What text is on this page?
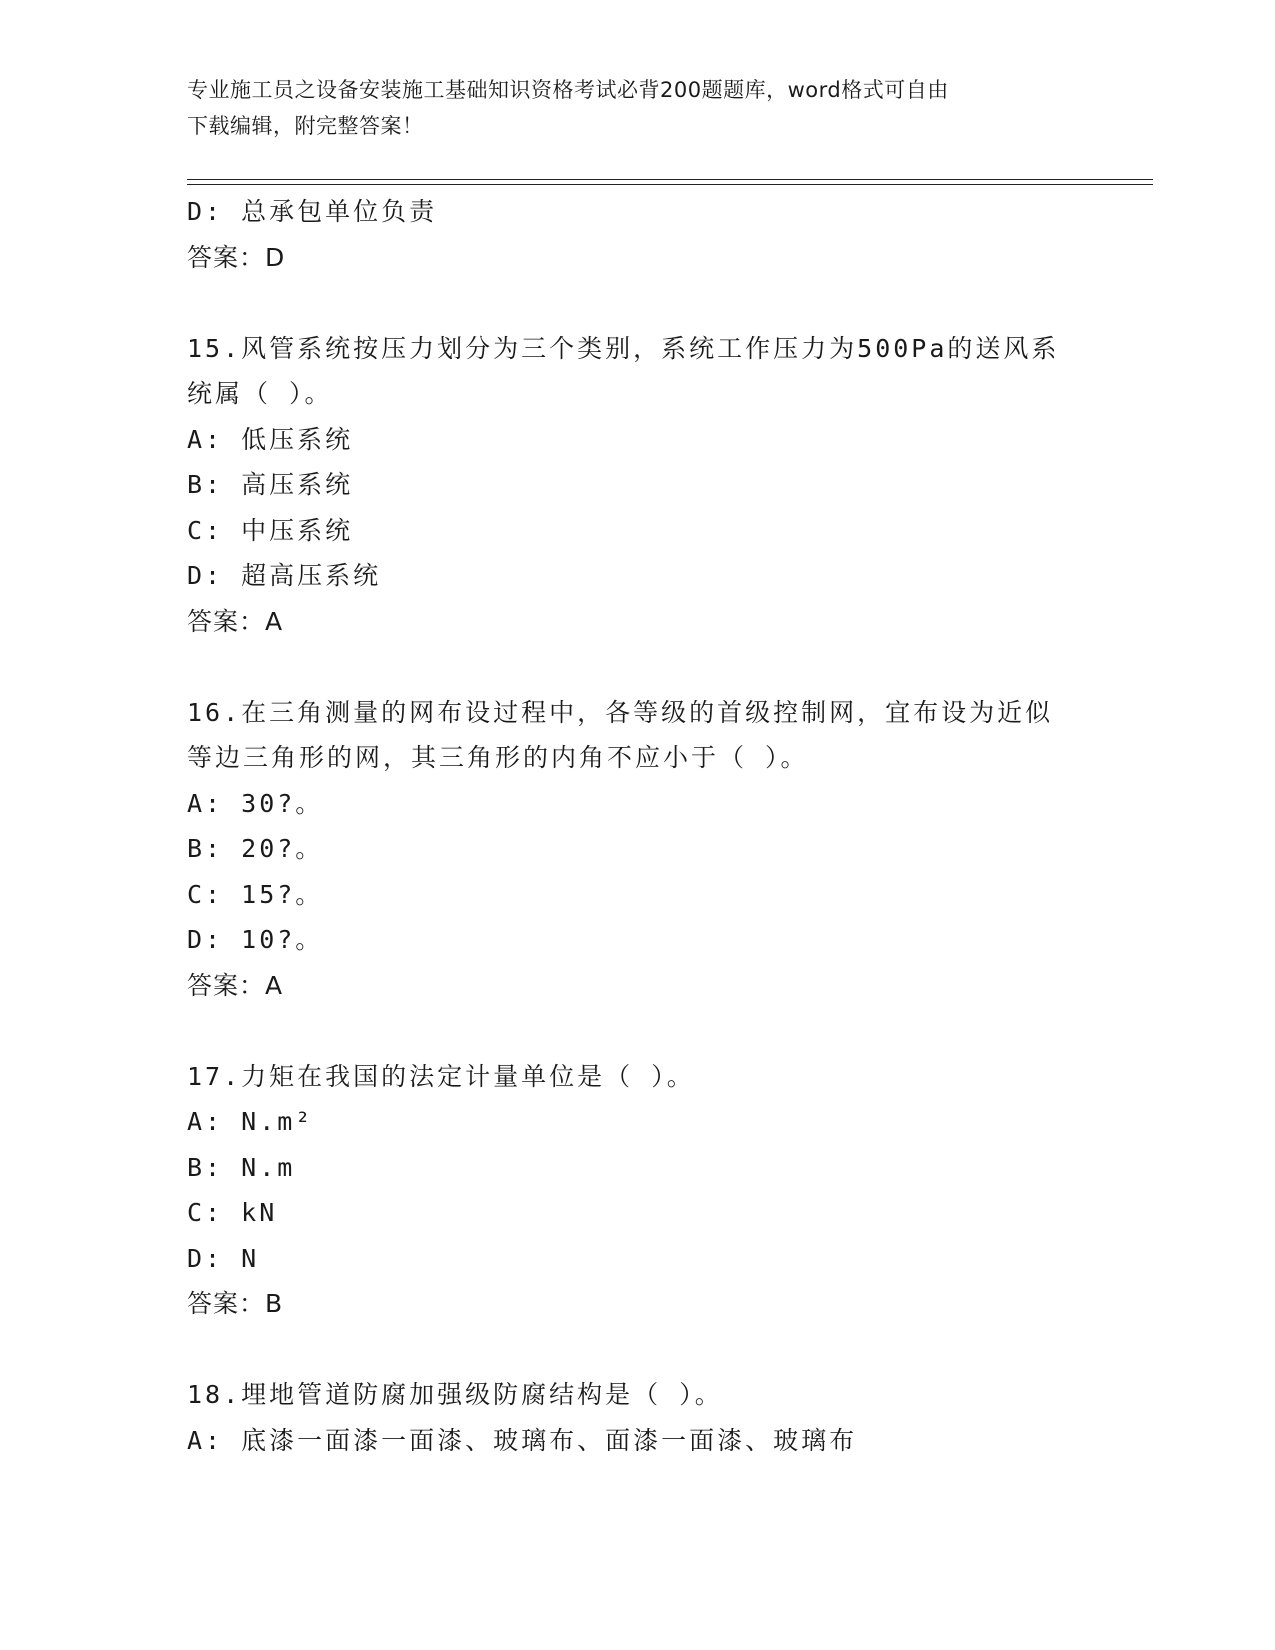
专业施工员之设备安装施工基础知识资格考试必背200题题库，word格式可自由
下载编辑，附完整答案！
D: 总承包单位负责
答案：D
15.风管系统按压力划分为三个类别，系统工作压力为500Pa的送风系
统属（ ）。
A: 低压系统
B: 高压系统
C: 中压系统
D: 超高压系统
答案：A
16.在三角测量的网布设过程中，各等级的首级控制网，宜布设为近似
等边三角形的网，其三角形的内角不应小于（ ）。
A: 30?。
B: 20?。
C: 15?。
D: 10?。
答案：A
17.力矩在我国的法定计量单位是（ ）。
A: N.m²
B: N.m
C: kN
D: N
答案：B
18.埋地管道防腐加强级防腐结构是（ ）。
A: 底漆一面漆一面漆、玻璃布、面漆一面漆、玻璃布
